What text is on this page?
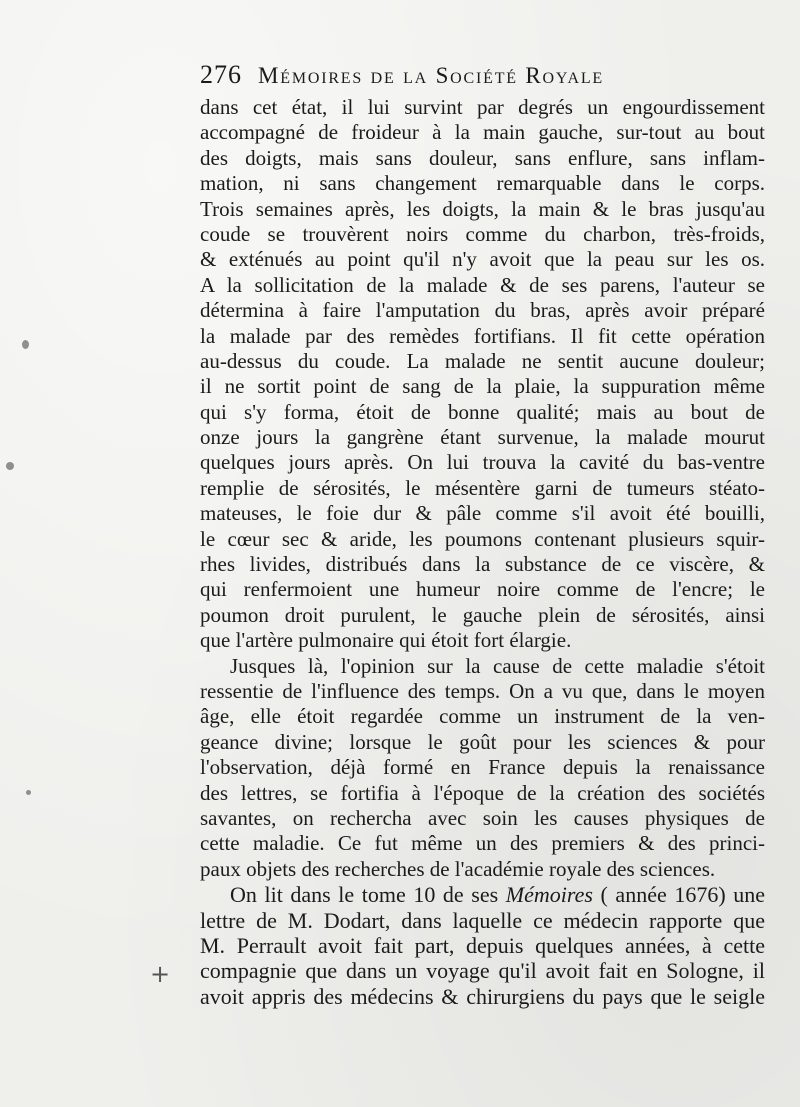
276 Mémoires de la Société Royale
dans cet état, il lui survint par degrés un engourdissement
accompagné de froideur à la main gauche, sur-tout au bout
des doigts, mais sans douleur, sans enflure, sans inflam-
mation, ni sans changement remarquable dans le corps.
Trois semaines après, les doigts, la main & le bras jusqu'au
coude se trouvèrent noirs comme du charbon, très-froids,
& exténués au point qu'il n'y avoit que la peau sur les os.
A la sollicitation de la malade & de ses parens, l'auteur se
détermina à faire l'amputation du bras, après avoir préparé
la malade par des remèdes fortifians. Il fit cette opération
au-dessus du coude. La malade ne sentit aucune douleur;
il ne sortit point de sang de la plaie, la suppuration même
qui s'y forma, étoit de bonne qualité; mais au bout de
onze jours la gangrène étant survenue, la malade mourut
quelques jours après. On lui trouva la cavité du bas-ventre
remplie de sérosités, le mésentère garni de tumeurs stéato-
mateuses, le foie dur & pâle comme s'il avoit été bouilli,
le cœur sec & aride, les poumons contenant plusieurs squir-
rhes livides, distribués dans la substance de ce viscère, &
qui renfermoient une humeur noire comme de l'encre; le
poumon droit purulent, le gauche plein de sérosités, ainsi
que l'artère pulmonaire qui étoit fort élargie.
Jusques là, l'opinion sur la cause de cette maladie s'étoit
ressentie de l'influence des temps. On a vu que, dans le moyen
âge, elle étoit regardée comme un instrument de la ven-
geance divine; lorsque le goût pour les sciences & pour
l'observation, déjà formé en France depuis la renaissance
des lettres, se fortifia à l'époque de la création des sociétés
savantes, on rechercha avec soin les causes physiques de
cette maladie. Ce fut même un des premiers & des princi-
paux objets des recherches de l'académie royale des sciences.
On lit dans le tome 10 de ses Mémoires ( année 1676) une
lettre de M. Dodart, dans laquelle ce médecin rapporte que
M. Perrault avoit fait part, depuis quelques années, à cette
compagnie que dans un voyage qu'il avoit fait en Sologne, il
avoit appris des médecins & chirurgiens du pays que le seigle
+
